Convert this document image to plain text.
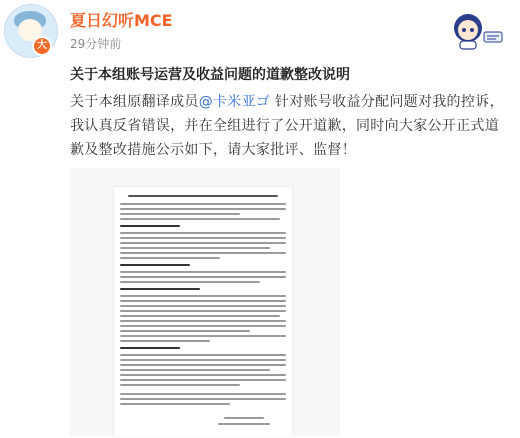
大
夏日幻听MCE
29分钟前
关于本组账号运营及收益问题的道歉整改说明
关于本组原翻译成员@卡米亚ゴ 针对账号收益分配问题对我的控诉，我认真反省错误，并在全组进行了公开道歉，同时向大家公开正式道歉及整改措施公示如下，请大家批评、监督！
